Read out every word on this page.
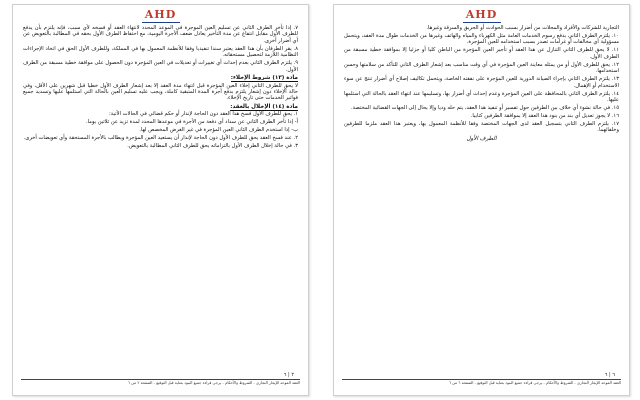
AHD

٧. إذا تأخر الطرف الثاني عن تسليم العين الموجرة في الموعد المحدد لانتهاء العقد أو فسخه لأي سبب، فإنه يلتزم بأن يدفع للطرف الأول مقابل انتفاع عن مدة التأخير يعادل ضعف الأجرة اليومية، مع احتفاظ الطرف الأول بحقه في المطالبة بالتعويض عن أي أضرار أخرى.

٨. يقر الطرفان بأن هذا العقد يعتبر سندا تنفيذيا وفقا للأنظمة المعمول بها في المملكة، وللطرف الأول الحق في اتخاذ الإجراءات النظامية اللازمة لتحصيل مستحقاته.

٩. يلتزم الطرف الثاني بعدم إحداث أي تغييرات أو تعديلات في العين المؤجرة دون الحصول على موافقة خطية مسبقة من الطرف الأول.

مادة (١٣) شروط الإخلاء:

لا يحق للطرف الثاني إخلاء العين المؤجرة قبل انتهاء مدة العقد إلا بعد إشعار الطرف الأول خطيا قبل شهرين على الأقل، وفي حالة الإخلاء دون إشعار يلتزم بدفع أجرة المدة المتبقية كاملة، ويجب عليه تسليم العين بالحالة التي استلمها عليها وتسديد جميع فواتير الخدمات حتى تاريخ الإخلاء.

مادة (١٤) الإخلال بالعقد:

١. يحق للطرف الأول فسخ هذا العقد دون الحاجة لإنذار أو حكم قضائي في الحالات الآتية:

أ- إذا تأخر الطرف الثاني عن سداد أي دفعة من الأجرة في موعدها المحدد لمدة تزيد عن ثلاثين يوما.

ب- إذا استخدم الطرف الثاني العين المؤجرة في غير الغرض المخصص لها.

٢. عند فسخ العقد يحق للطرف الأول دون الحاجة لإنذار أن يستعيد العين المؤجرة ويطالب بالأجرة المستحقة وأي تعويضات أخرى.

٣. في حالة إخلال الطرف الأول بالتزاماته يحق للطرف الثاني المطالبة بالتعويض.

٢ | ٦
العقد الموحد للإيجار التجاري - الشروط والأحكام - يرجى قراءة جميع البنود بعناية قبل التوقيع - الصفحة ٢ من ٦
AHD

التجارية للشركات والأفراد والمحلات من أضرار بسبب الحوادث أو الحريق والسرقة وغيرها.

١٠. يلتزم الطرف الثاني بدفع رسوم الخدمات العامة مثل الكهرباء والمياه والهاتف وغيرها من الخدمات طوال مدة العقد، ويتحمل مسؤولية أي مخالفات أو غرامات تصدر بسبب استخدامه للعين المؤجرة.

١١. لا يحق للطرف الثاني التنازل عن هذا العقد أو تأجير العين المؤجرة من الباطن كليا أو جزئيا إلا بموافقة خطية مسبقة من الطرف الأول.

١٢. يحق للطرف الأول أو من يمثله معاينة العين المؤجرة في أي وقت مناسب بعد إشعار الطرف الثاني للتأكد من سلامتها وحسن استخدامها.

١٣. يلتزم الطرف الثاني بإجراء الصيانة الدورية للعين المؤجرة على نفقته الخاصة، ويتحمل تكاليف إصلاح أي أضرار تنتج عن سوء الاستخدام أو الإهمال.

١٤. يلتزم الطرف الثاني بالمحافظة على العين المؤجرة وعدم إحداث أي أضرار بها، وتسليمها عند انتهاء العقد بالحالة التي استلمها عليها.

١٥. في حالة نشوء أي خلاف بين الطرفين حول تفسير أو تنفيذ هذا العقد، يتم حله وديا وإلا يحال إلى الجهات القضائية المختصة.

١٦. لا يجوز تعديل أي بند من بنود هذا العقد إلا بموافقة الطرفين كتابيا.

١٧. يلتزم الطرف الثاني بتسجيل العقد لدى الجهات المختصة وفقا للأنظمة المعمول بها، ويعتبر هذا العقد ملزما للطرفين وخلفائهما.

الطرف الأول
٦ | ٦
العقد الموحد للإيجار التجاري - الشروط والأحكام - يرجى قراءة جميع البنود بعناية قبل التوقيع - الصفحة ٦ من ٦
